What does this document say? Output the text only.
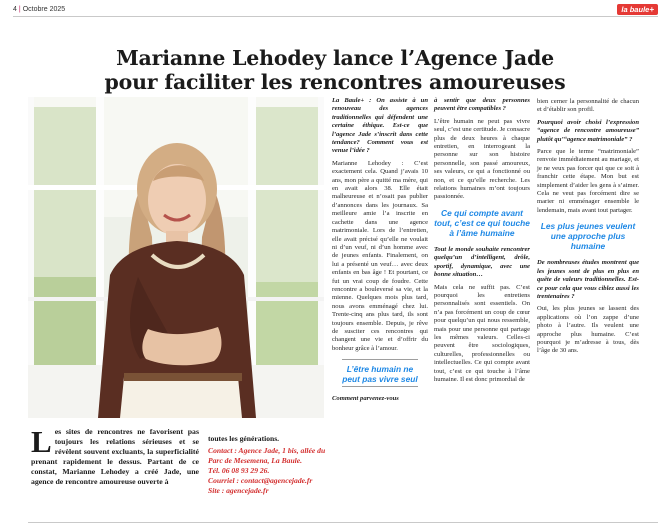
4 | Octobre 2025	la baule+
Marianne Lehodey lance l’Agence Jade
pour faciliter les rencontres amoureuses
Les sites de rencontres ne favorisent pas toujours les relations sérieuses et se révèlent souvent excluants, la superficialité prenant rapidement le dessus. Partant de ce constat, Marianne Lehodey a créé Jade, une agence de rencontre amoureuse ouverte à
toutes les générations.
Contact : Agence Jade, 1 bis, allée du Parc de Mesemena, La Baule.
Tél. 06 08 93 29 26.
Courriel : contact@agencejade.fr
Site : agencejade.fr

La Baule+ : On assiste à un renouveau des agences traditionnelles qui défendent une certaine éthique. Est-ce que l’agence Jade s’inscrit dans cette tendance? Comment vous est venue l’idée ?

Marianne Lehodey : C’est exactement cela. Quand j’avais 10 ans, mon père a quitté ma mère, qui en avait alors 38. Elle était malheureuse et n’osait pas publier d’annonces dans les journaux. Sa meilleure amie l’a inscrite en cachette dans une agence matrimoniale. Lors de l’entretien, elle avait précisé qu’elle ne voulait ni d’un veuf, ni d’un homme avec de jeunes enfants. Finalement, on lui a présenté un veuf… avec deux enfants en bas âge ! Et pourtant, ce fut un vrai coup de foudre. Cette rencontre a bouleversé sa vie, et la mienne. Quelques mois plus tard, nous avons emménagé chez lui. Trente-cinq ans plus tard, ils sont toujours ensemble. Depuis, je rêve de susciter ces rencontres qui changent une vie et d’offrir du bonheur grâce à l’amour.

L’être humain ne peut pas vivre seul

Comment parvenez-vous

à sentir que deux personnes peuvent être compatibles ?

L’être humain ne peut pas vivre seul, c’est une certitude. Je consacre plus de deux heures à chaque entretien, en interrogeant la personne sur son histoire personnelle, son passé amoureux, ses valeurs, ce qui a fonctionné ou non, et ce qu’elle recherche. Les relations humaines m’ont toujours passionnée.

Ce qui compte avant tout, c’est ce qui touche à l’âme humaine

Tout le monde souhaite rencontrer quelqu’un d’intelligent, drôle, sportif, dynamique, avec une bonne situation…

Mais cela ne suffit pas. C’est pourquoi les entretiens personnalisés sont essentiels. On n’a pas forcément un coup de cœur pour quelqu’un qui nous ressemble, mais pour une personne qui partage les mêmes valeurs. Celles-ci peuvent être sociologiques, culturelles, professionnelles ou intellectuelles. Ce qui compte avant tout, c’est ce qui touche à l’âme humaine. Il est donc primordial de

bien cerner la personnalité de chacun et d’établir son profil.

Pourquoi avoir choisi l’expression “agence de rencontre amoureuse” plutôt qu’“agence matrimoniale” ?

Parce que le terme “matrimoniale” renvoie immédiatement au mariage, et je ne veux pas forcer qui que ce soit à franchir cette étape. Mon but est simplement d’aider les gens à s’aimer. Cela ne veut pas forcément dire se marier ni emménager ensemble le lendemain, mais avant tout partager.

Les plus jeunes veulent une approche plus humaine

De nombreuses études montrent que les jeunes sont de plus en plus en quête de valeurs traditionnelles. Est-ce pour cela que vous ciblez aussi les trentenaires ?

Oui, les plus jeunes se lassent des applications où l’on zappe d’une photo à l’autre. Ils veulent une approche plus humaine. C’est pourquoi je m’adresse à tous, dès l’âge de 30 ans.
